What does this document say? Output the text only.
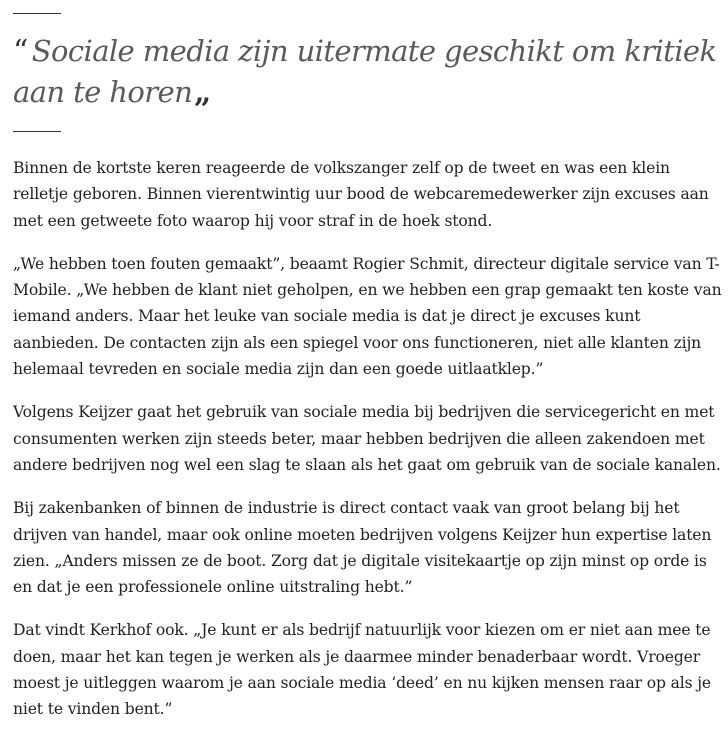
“ Sociale media zijn uitermate geschikt om kritiek aan te horen„

Binnen de kortste keren reageerde de volkszanger zelf op de tweet en was een klein relletje geboren. Binnen vierentwintig uur bood de webcaremedewerker zijn excuses aan met een getweete foto waarop hij voor straf in de hoek stond.

„We hebben toen fouten gemaakt”, beaamt Rogier Schmit, directeur digitale service van T-Mobile. „We hebben de klant niet geholpen, en we hebben een grap gemaakt ten koste van iemand anders. Maar het leuke van sociale media is dat je direct je excuses kunt aanbieden. De contacten zijn als een spiegel voor ons functioneren, niet alle klanten zijn helemaal tevreden en sociale media zijn dan een goede uitlaatklep.”

Volgens Keijzer gaat het gebruik van sociale media bij bedrijven die servicegericht en met consumenten werken zijn steeds beter, maar hebben bedrijven die alleen zakendoen met andere bedrijven nog wel een slag te slaan als het gaat om gebruik van de sociale kanalen.

Bij zakenbanken of binnen de industrie is direct contact vaak van groot belang bij het drijven van handel, maar ook online moeten bedrijven volgens Keijzer hun expertise laten zien. „Anders missen ze de boot. Zorg dat je digitale visitekaartje op zijn minst op orde is en dat je een professionele online uitstraling hebt.”

Dat vindt Kerkhof ook. „Je kunt er als bedrijf natuurlijk voor kiezen om er niet aan mee te doen, maar het kan tegen je werken als je daarmee minder benaderbaar wordt. Vroeger moest je uitleggen waarom je aan sociale media ‘deed’ en nu kijken mensen raar op als je niet te vinden bent.”
